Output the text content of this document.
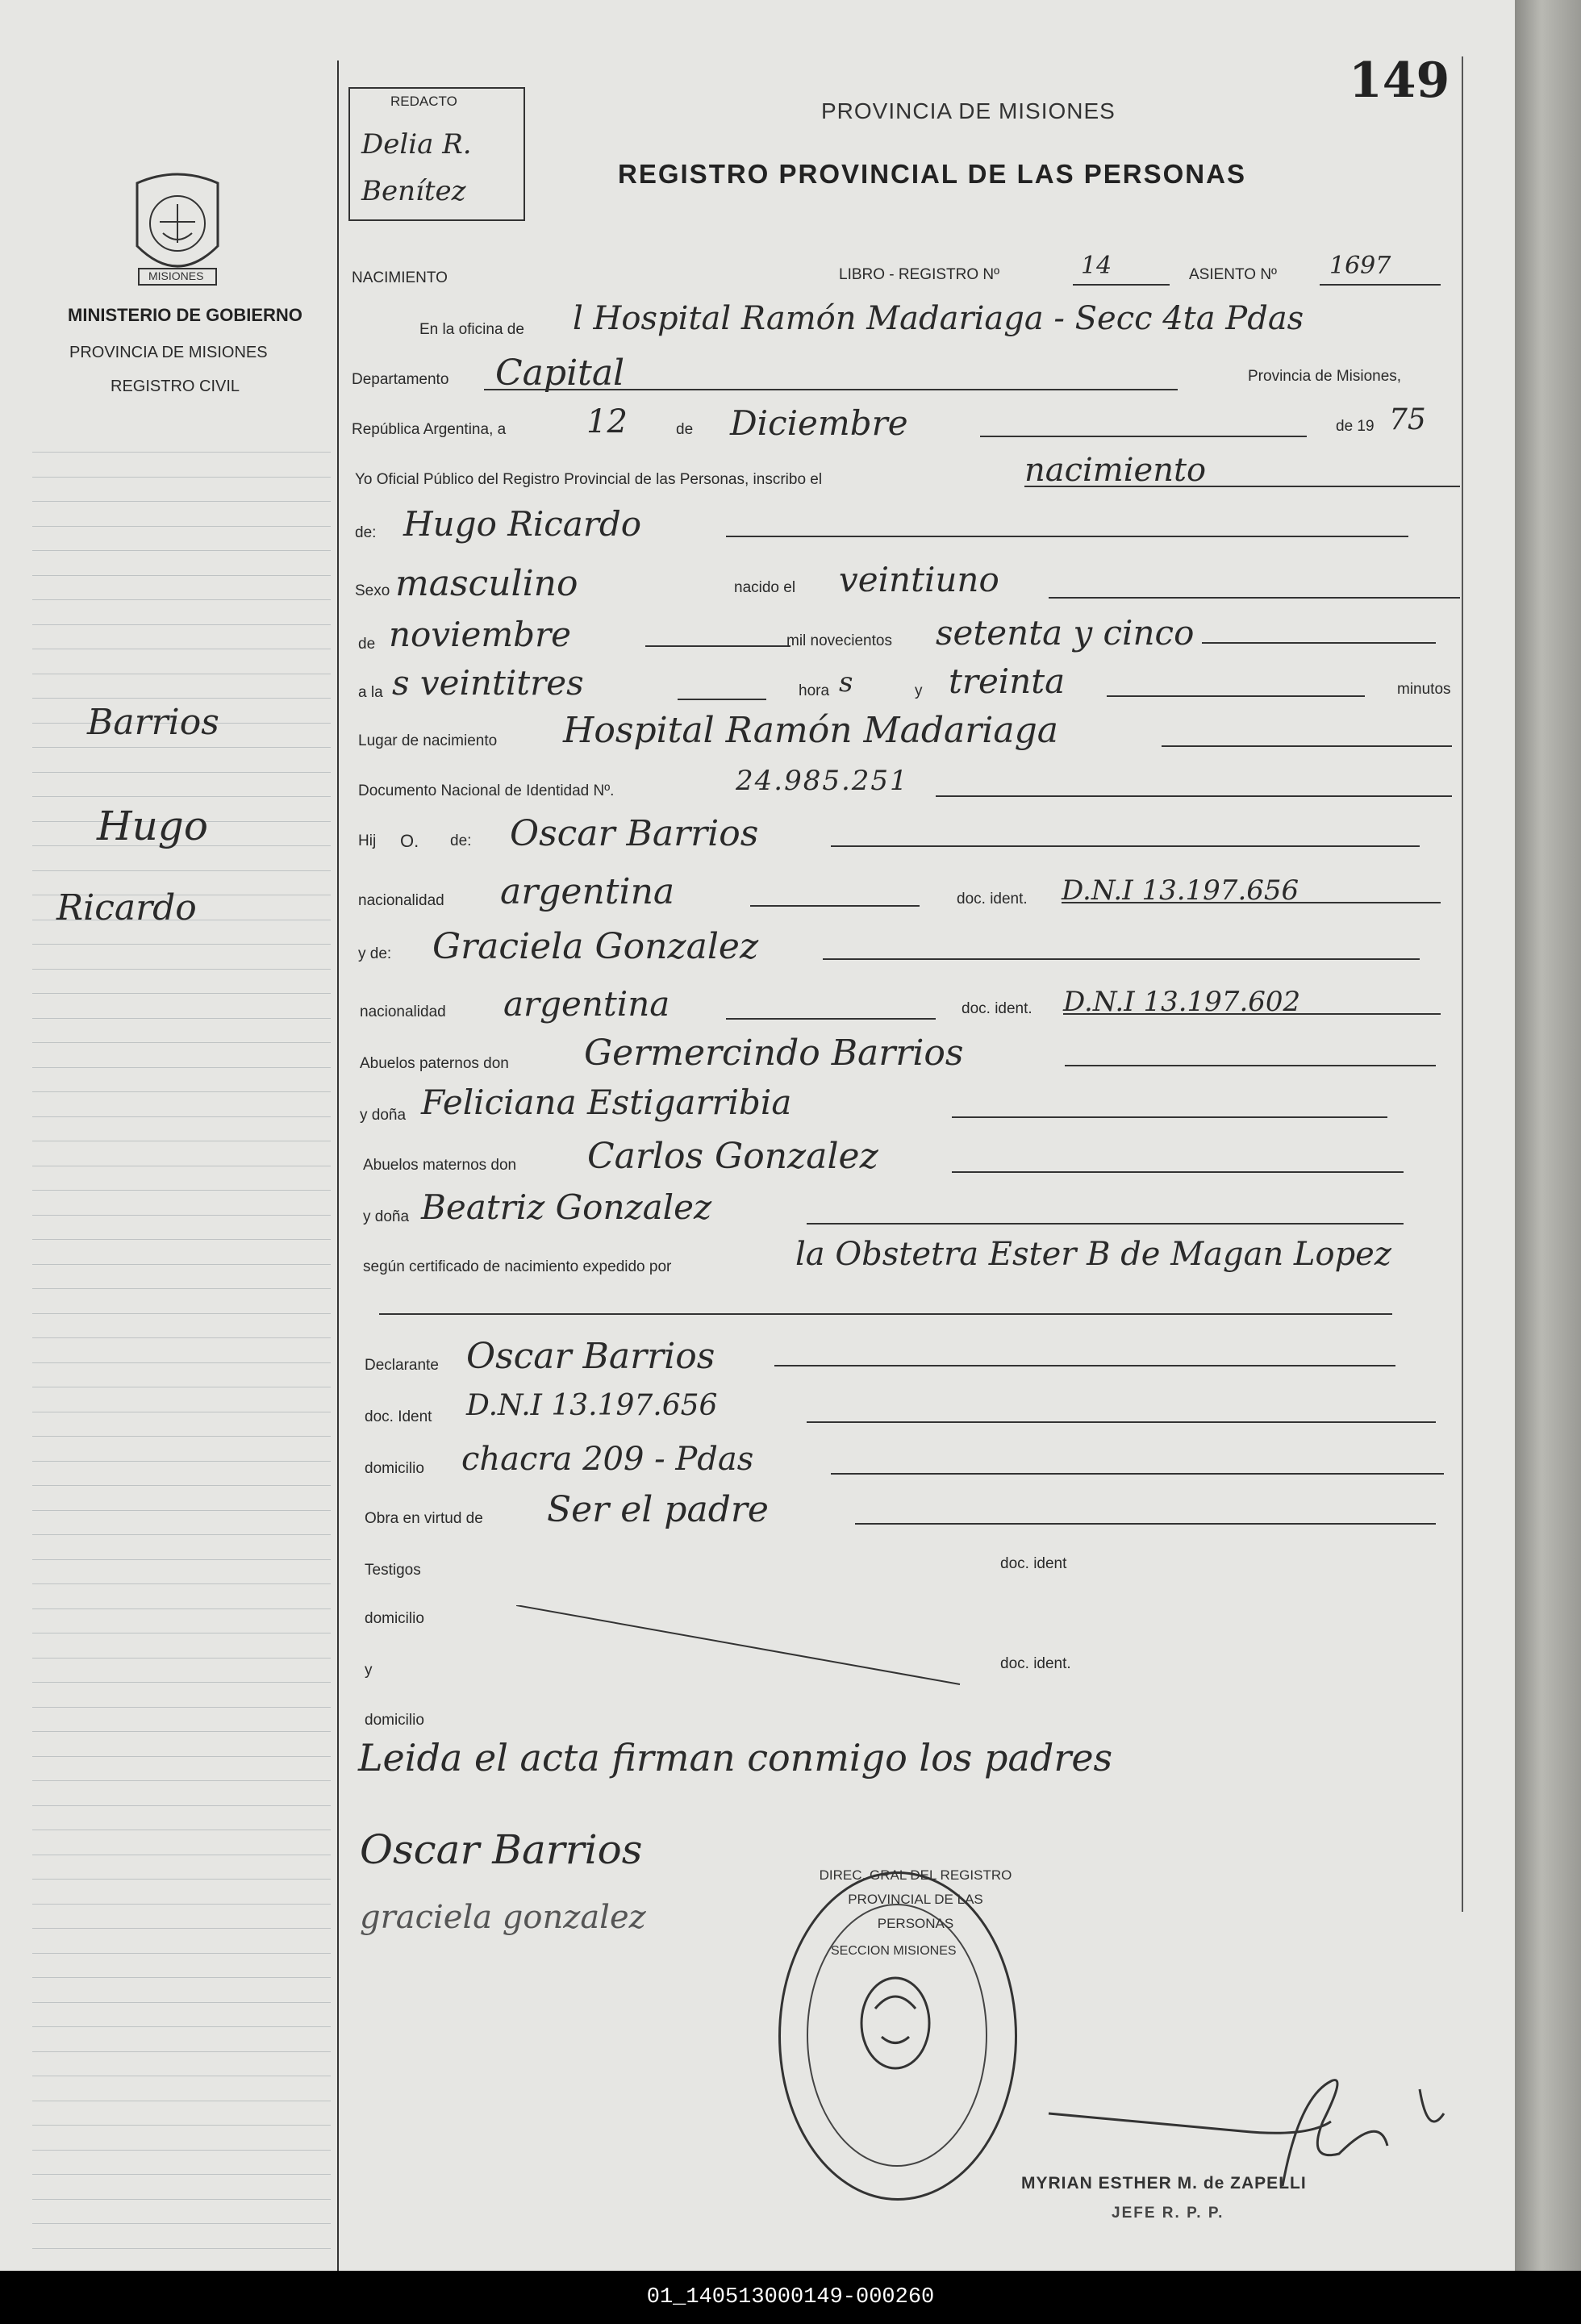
149
REDACTO
Delia R. Benítez
MISIONES
MINISTERIO DE GOBIERNO
PROVINCIA DE MISIONES
REGISTRO CIVIL
Barrios
Hugo
Ricardo
PROVINCIA DE MISIONES
REGISTRO PROVINCIAL DE LAS PERSONAS
NACIMIENTO	LIBRO - REGISTRO Nº	14	ASIENTO Nº 1697
En la oficina de l Hospital Ramón Madariaga - Secc 4ta Pdas
Departamento Capital	Provincia de Misiones,
República Argentina, a 12	de Diciembre	de 19 75
Yo Oficial Público del Registro Provincial de las Personas, inscribo el	nacimiento
de: Hugo Ricardo
Sexo masculino	nacido el veintiuno
de noviembre	mil novecientos setenta y cinco
a la s veintitres	hora s	y treinta	minutos
Lugar de nacimiento Hospital Ramón Madariaga
Documento Nacional de Identidad Nº.	24.985.251
Hij O. de: Oscar Barrios
nacionalidad argentina	doc. ident. D.N.I 13.197.656
y de: Graciela Gonzalez
nacionalidad argentina	doc. ident. D.N.I 13.197.602
Abuelos paternos don Germercindo Barrios
y doña Feliciana Estigarribia
Abuelos maternos don Carlos Gonzalez
y doña Beatriz Gonzalez
según certificado de nacimiento expedido por	la Obstetra Ester B de Magan Lopez
Declarante Oscar Barrios
doc. Ident D.N.I 13.197.656
domicilio chacra 209 - Pdas
Obra en virtud de Ser el padre
Testigos	doc. ident
domicilio
y	doc. ident.
domicilio
Leida el acta firman conmigo los padres
Oscar Barrios
graciela gonzalez
DIREC. GRAL DEL REGISTRO PROVINCIAL DE LAS PERSONAS
SECCION MISIONES
MYRIAN ESTHER M. de ZAPELLI
JEFE R. P. P.
01_140513000149-000260
